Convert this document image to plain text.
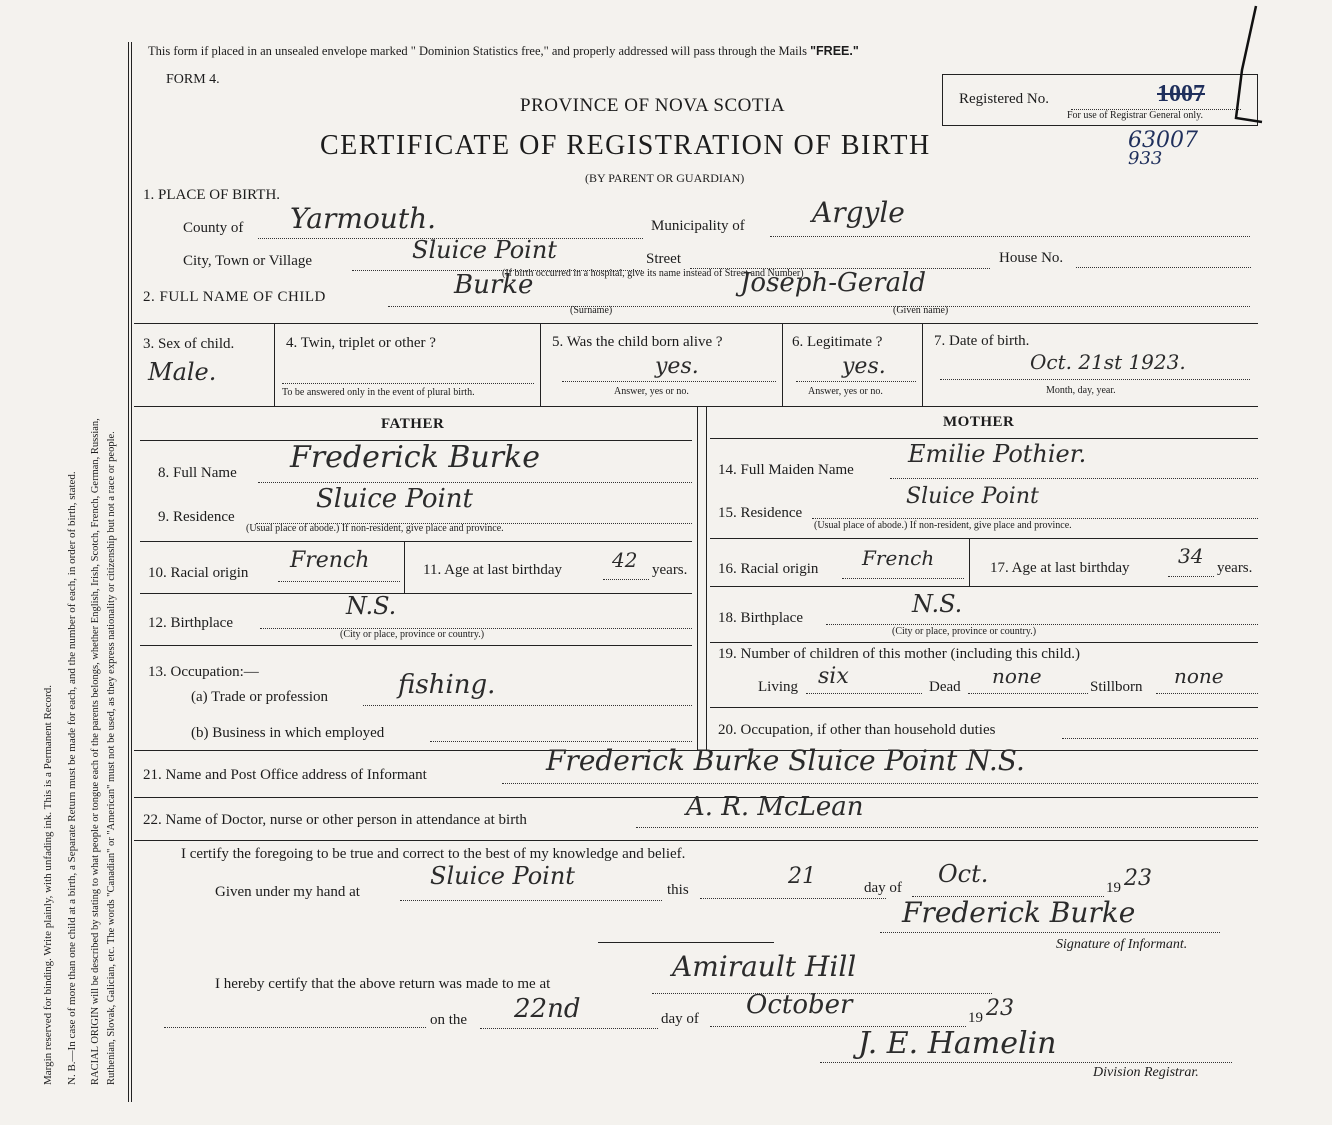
Margin reserved for binding. Write plainly, with unfading ink. This is a Permanent Record. N. B.—In case of more than one child at a birth, a Separate Return must be made for each, and the number of each, in order of birth, stated. RACIAL ORIGIN will be described by stating to what people or tongue each of the parents belongs, whether English, Irish, Scotch, French, German, Russian, Ruthenian, Slovak, Galician, etc. The words "Canadian" or "American" must not be used, as they express nationality or citizenship but not a race or people.
This form if placed in an unsealed envelope marked " Dominion Statistics free," and properly addressed will pass through the Mails "FREE."
FORM 4.
PROVINCE OF NOVA SCOTIA
CERTIFICATE OF REGISTRATION OF BIRTH
(BY PARENT OR GUARDIAN)
Registered No.	1007
For use of Registrar General only.
63007
933
1. PLACE OF BIRTH.
County of Yarmouth.	Municipality of Argyle
City, Town or Village	Sluice Point	Street	House No.
(If birth occurred in a hospital, give its name instead of Street and Number)
2. FULL NAME OF CHILD	Burke
(Surname)
Joseph-Gerald
(Given name)
3. Sex of child.
Male.
4. Twin, triplet or other ?
To be answered only in the event of plural birth.
5. Was the child born alive ?
yes.
Answer, yes or no.
6. Legitimate ?
yes.
Answer, yes or no.
7. Date of birth.
Oct. 21st 1923.
Month, day, year.
FATHER
8. Full Name Frederick Burke
9. Residence
Sluice Point
(Usual place of abode.) If non-resident, give place and province.
10. Racial origin French	11. Age at last birthday	42 years.
12. Birthplace
N.S.
(City or place, province or country.)
13. Occupation:—
(a) Trade or profession	fishing.
(b) Business in which employed
MOTHER
14. Full Maiden Name
Emilie Pothier.
15. Residence
Sluice Point
(Usual place of abode.) If non-resident, give place and province.
16. Racial origin French	17. Age at last birthday 34 years.
18. Birthplace	N.S.
(City or place, province or country.)
19. Number of children of this mother (including this child.)
Living six	Dead none	Stillborn none
20. Occupation, if other than household duties
21. Name and Post Office address of Informant	Frederick Burke Sluice Point N.S.
22. Name of Doctor, nurse or other person in attendance at birth	A. R. McLean
I certify the foregoing to be true and correct to the best of my knowledge and belief.
Given under my hand at
Sluice Point	this
21	day of Oct.	19 23
Frederick Burke
Signature of Informant.
I hereby certify that the above return was made to me at
Amirault Hill
on the 22nd	day of October	19 23
J. E. Hamelin
Division Registrar.
